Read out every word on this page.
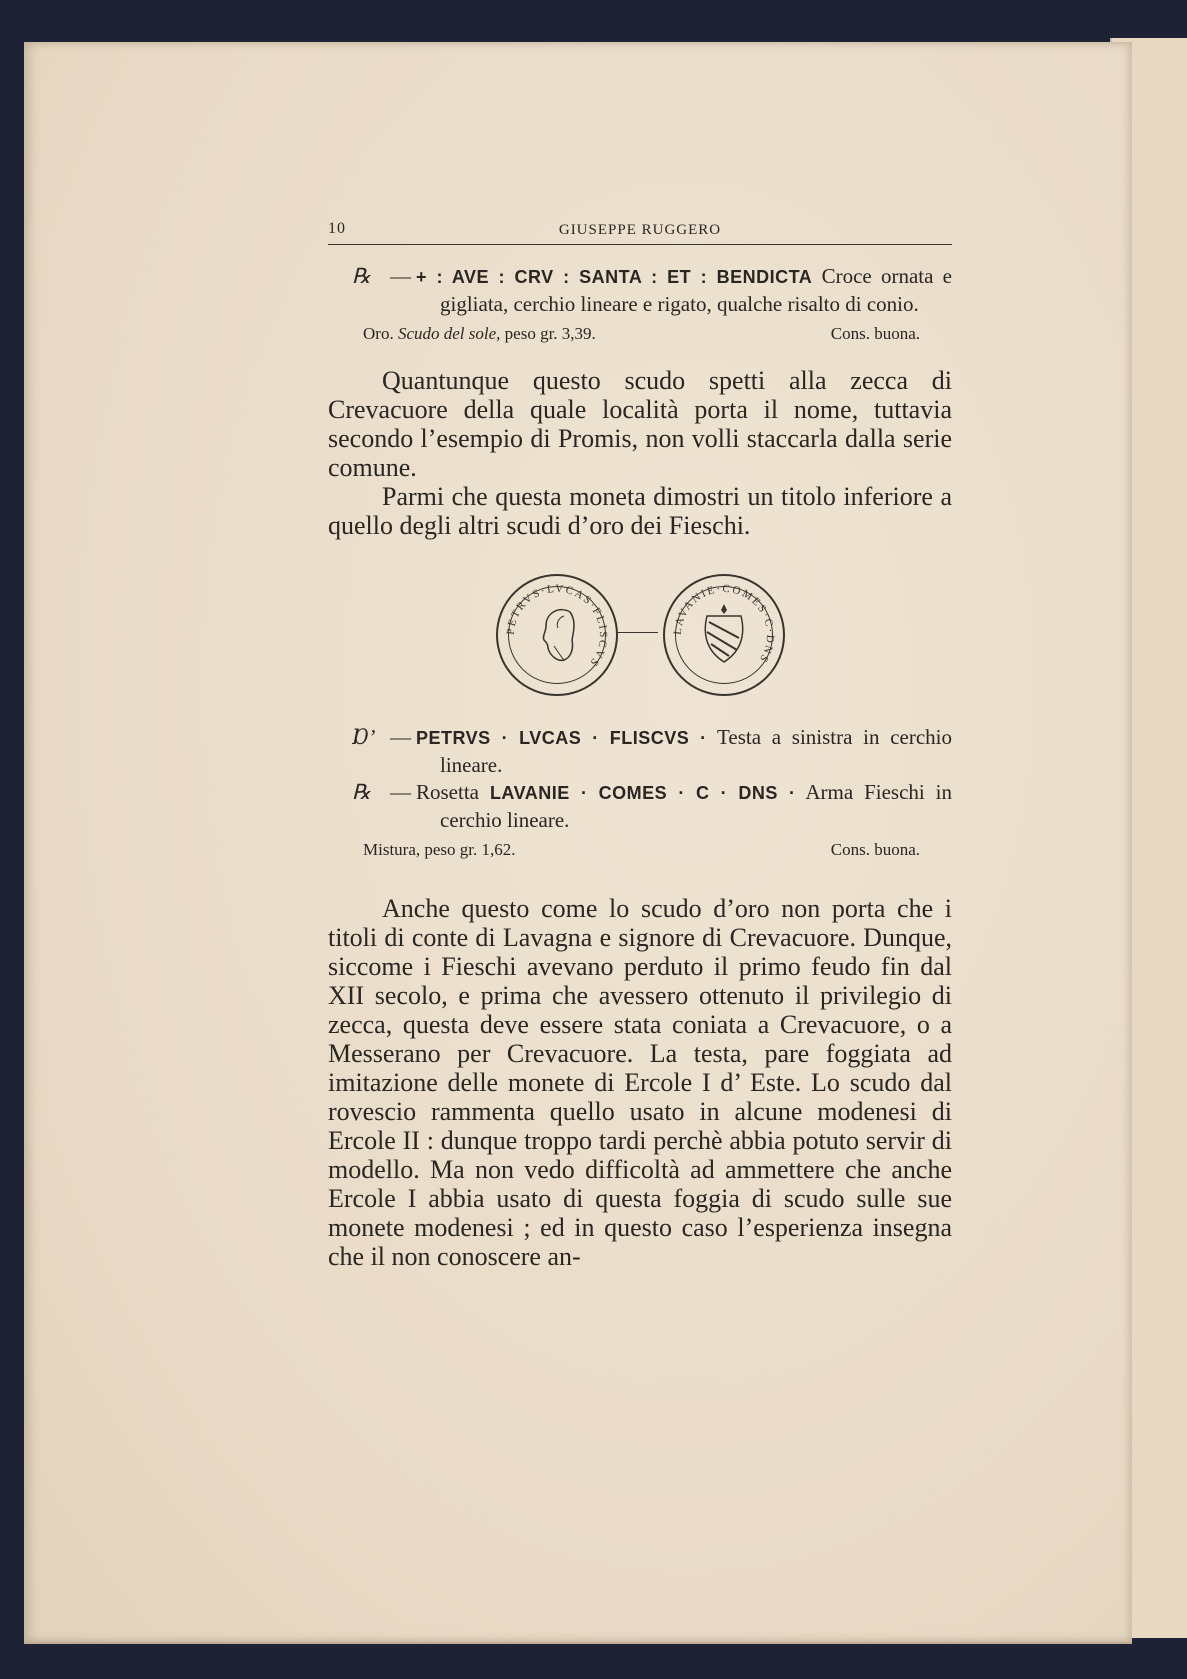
10	GIUSEPPE RUGGERO
℞ — + : AVE : CRV : SANTA : ET : BENDICTA Croce ornata e gigliata, cerchio lineare e rigato, qualche risalto di conio.
Oro. Scudo del sole, peso gr. 3,39.	Cons. buona.

Quantunque questo scudo spetti alla zecca di Crevacuore della quale località porta il nome, tuttavia secondo l’esempio di Promis, non volli staccarla dalla serie comune.

Parmi che questa moneta dimostri un titolo inferiore a quello degli altri scudi d’oro dei Fieschi.

PETRVS·LVCAS·FLISCVS
LAVANIE·COMES·C·DNS
Ɒ’ — PETRVS · LVCAS · FLISCVS · Testa a sinistra in cerchio lineare.
℞ — Rosetta LAVANIE · COMES · C · DNS · Arma Fieschi in cerchio lineare.
Mistura, peso gr. 1,62.	Cons. buona.

Anche questo come lo scudo d’oro non porta che i titoli di conte di Lavagna e signore di Crevacuore. Dunque, siccome i Fieschi avevano perduto il primo feudo fin dal XII secolo, e prima che avessero ottenuto il privilegio di zecca, questa deve essere stata coniata a Crevacuore, o a Messerano per Crevacuore. La testa, pare foggiata ad imitazione delle monete di Ercole I d’ Este. Lo scudo dal rovescio rammenta quello usato in alcune modenesi di Ercole II : dunque troppo tardi perchè abbia potuto servir di modello. Ma non vedo difficoltà ad ammettere che anche Ercole I abbia usato di questa foggia di scudo sulle sue monete modenesi ; ed in questo caso l’esperienza insegna che il non conoscere an-
